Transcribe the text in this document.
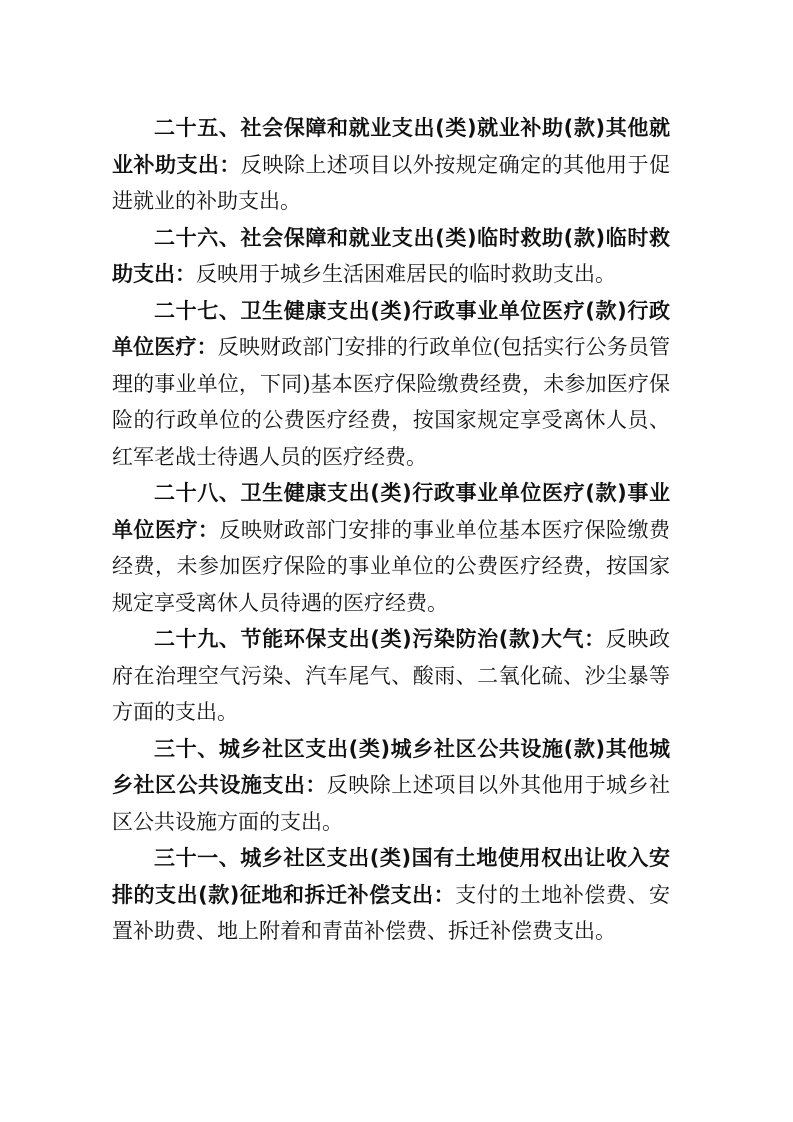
二十五、社会保障和就业支出(类)就业补助(款)其他就业补助支出：反映除上述项目以外按规定确定的其他用于促进就业的补助支出。

二十六、社会保障和就业支出(类)临时救助(款)临时救助支出：反映用于城乡生活困难居民的临时救助支出。

二十七、卫生健康支出(类)行政事业单位医疗(款)行政单位医疗：反映财政部门安排的行政单位(包括实行公务员管理的事业单位，下同)基本医疗保险缴费经费，未参加医疗保险的行政单位的公费医疗经费，按国家规定享受离休人员、红军老战士待遇人员的医疗经费。

二十八、卫生健康支出(类)行政事业单位医疗(款)事业单位医疗：反映财政部门安排的事业单位基本医疗保险缴费经费，未参加医疗保险的事业单位的公费医疗经费，按国家规定享受离休人员待遇的医疗经费。

二十九、节能环保支出(类)污染防治(款)大气：反映政府在治理空气污染、汽车尾气、酸雨、二氧化硫、沙尘暴等方面的支出。

三十、城乡社区支出(类)城乡社区公共设施(款)其他城乡社区公共设施支出：反映除上述项目以外其他用于城乡社区公共设施方面的支出。

三十一、城乡社区支出(类)国有土地使用权出让收入安排的支出(款)征地和拆迁补偿支出：支付的土地补偿费、安置补助费、地上附着和青苗补偿费、拆迁补偿费支出。
